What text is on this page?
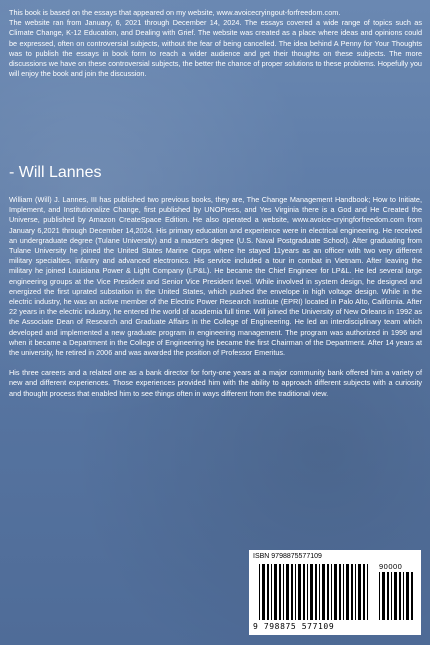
This book is based on the essays that appeared on my website, www.avoicecryingout-forfreedom.com.

The website ran from January, 6, 2021 through December 14, 2024. The essays covered a wide range of topics such as Climate Change, K-12 Education, and Dealing with Grief. The website was created as a place where ideas and opinions could be expressed, often on controversial subjects, without the fear of being cancelled. The idea behind A Penny for Your Thoughts was to publish the essays in book form to reach a wider audience and get their thoughts on these subjects. The more discussions we have on these controversial subjects, the better the chance of proper solutions to these problems. Hopefully you will enjoy the book and join the discussion.

- Will Lannes

William (Will) J. Lannes, III has published two previous books, they are, The Change Management Handbook; How to Initiate, Implement, and Institutionalize Change, first published by UNOPress, and Yes Virginia there is a God and He Created the Universe, published by Amazon CreateSpace Edition. He also operated a website, www.avoice-cryingforfreedom.com from January 6,2021 through December 14,2024. His primary education and experience were in electrical engineering. He received an undergraduate degree (Tulane University) and a master's degree (U.S. Naval Postgraduate School). After graduating from Tulane University he joined the United States Marine Corps where he stayed 11years as an officer with two very different military specialties, infantry and advanced electronics. His service included a tour in combat in Vietnam. After leaving the military he joined Louisiana Power & Light Company (LP&L). He became the Chief Engineer for LP&L. He led several large engineering groups at the Vice President and Senior Vice President level. While involved in system design, he designed and energized the first uprated substation in the United States, which pushed the envelope in high voltage design. While in the electric industry, he was an active member of the Electric Power Research Institute (EPRI) located in Palo Alto, California. After 22 years in the electric industry, he entered the world of academia full time. Will joined the University of New Orleans in 1992 as the Associate Dean of Research and Graduate Affairs in the College of Engineering. He led an interdisciplinary team which developed and implemented a new graduate program in engineering management. The program was authorized in 1996 and when it became a Department in the College of Engineering he became the first Chairman of the Department. After 14 years at the university, he retired in 2006 and was awarded the position of Professor Emeritus.

His three careers and a related one as a bank director for forty-one years at a major community bank offered him a variety of new and different experiences. Those experiences provided him with the ability to approach different subjects with a curiosity and thought process that enabled him to see things often in ways different from the traditional view.

ISBN 9798875577109
90000
9 798875 577109
